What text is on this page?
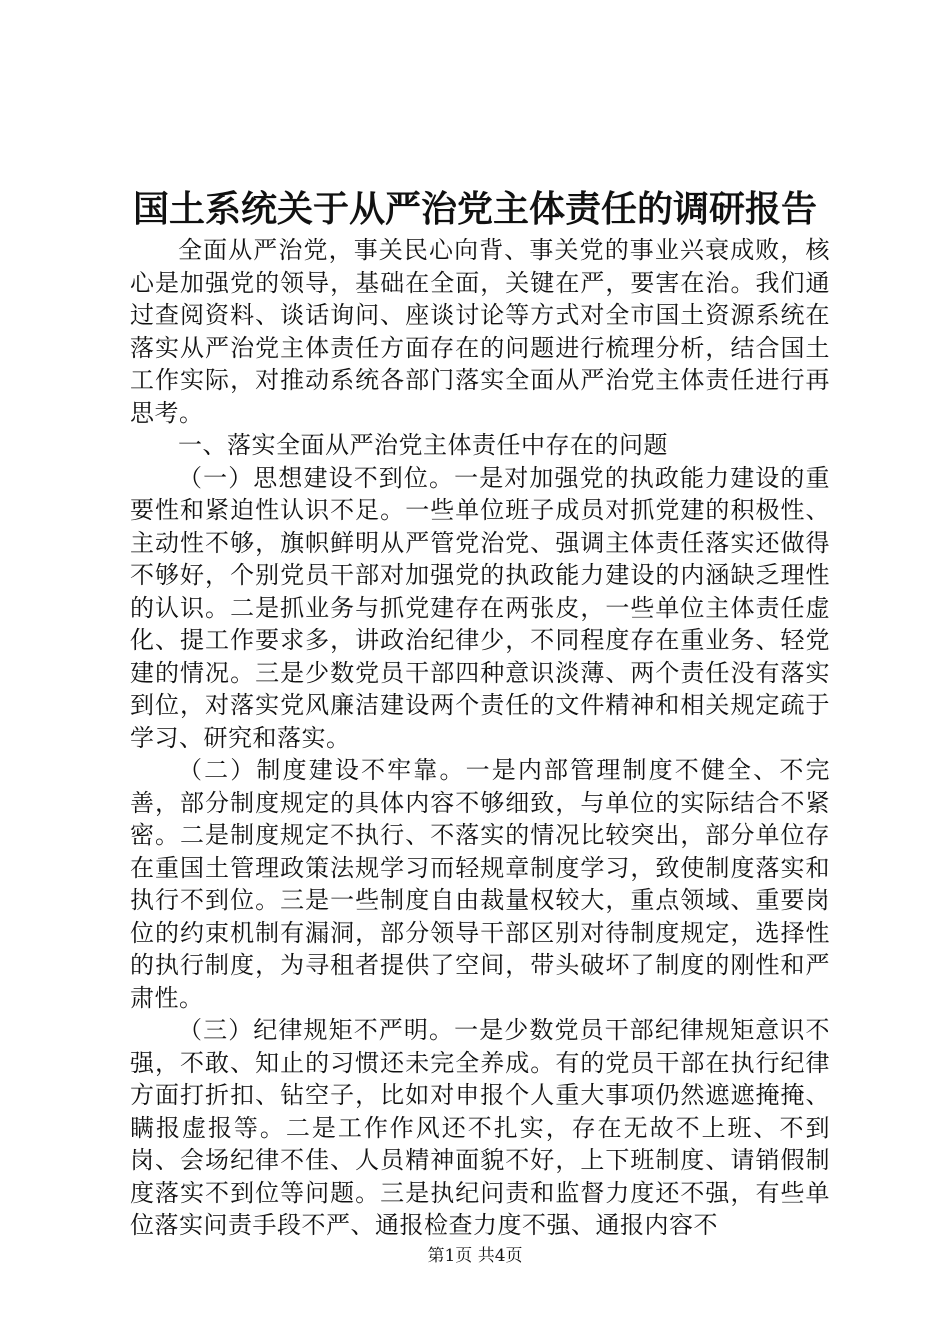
国土系统关于从严治党主体责任的调研报告

全面从严治党，事关民心向背、事关党的事业兴衰成败，核心是加强党的领导，基础在全面，关键在严，要害在治。我们通过查阅资料、谈话询问、座谈讨论等方式对全市国土资源系统在落实从严治党主体责任方面存在的问题进行梳理分析，结合国土工作实际，对推动系统各部门落实全面从严治党主体责任进行再思考。

一、落实全面从严治党主体责任中存在的问题

（一）思想建设不到位。一是对加强党的执政能力建设的重要性和紧迫性认识不足。一些单位班子成员对抓党建的积极性、主动性不够，旗帜鲜明从严管党治党、强调主体责任落实还做得不够好，个别党员干部对加强党的执政能力建设的内涵缺乏理性的认识。二是抓业务与抓党建存在两张皮，一些单位主体责任虚化、提工作要求多，讲政治纪律少，不同程度存在重业务、轻党建的情况。三是少数党员干部四种意识淡薄、两个责任没有落实到位，对落实党风廉洁建设两个责任的文件精神和相关规定疏于学习、研究和落实。

（二）制度建设不牢靠。一是内部管理制度不健全、不完善，部分制度规定的具体内容不够细致，与单位的实际结合不紧密。二是制度规定不执行、不落实的情况比较突出，部分单位存在重国土管理政策法规学习而轻规章制度学习，致使制度落实和执行不到位。三是一些制度自由裁量权较大，重点领域、重要岗位的约束机制有漏洞，部分领导干部区别对待制度规定，选择性的执行制度，为寻租者提供了空间，带头破坏了制度的刚性和严肃性。

（三）纪律规矩不严明。一是少数党员干部纪律规矩意识不强，不敢、知止的习惯还未完全养成。有的党员干部在执行纪律方面打折扣、钻空子，比如对申报个人重大事项仍然遮遮掩掩、瞒报虚报等。二是工作作风还不扎实，存在无故不上班、不到岗、会场纪律不佳、人员精神面貌不好，上下班制度、请销假制度落实不到位等问题。三是执纪问责和监督力度还不强，有些单位落实问责手段不严、通报检查力度不强、通报内容不

第1页 共4页
